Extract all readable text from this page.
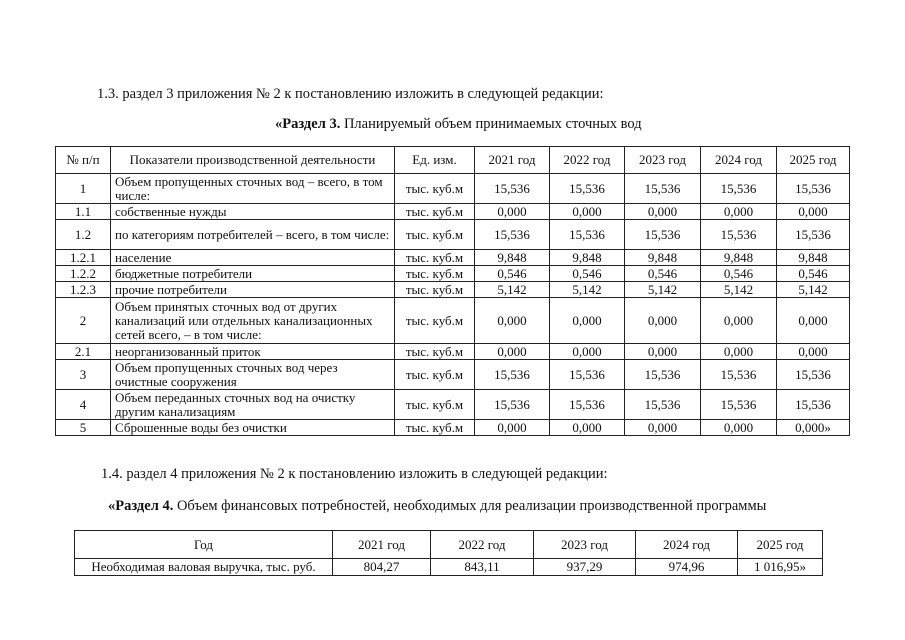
1.3. раздел 3 приложения № 2 к постановлению изложить в следующей редакции:

«Раздел 3. Планируемый объем принимаемых сточных вод

№ п/п	Показатели производственной деятельности	Ед. изм.	2021 год	2022 год	2023 год	2024 год	2025 год
1	Объем пропущенных сточных вод – всего, в том числе:	тыс. куб.м	15,536	15,536	15,536	15,536	15,536
1.1	собственные нужды	тыс. куб.м	0,000	0,000	0,000	0,000	0,000
1.2	по категориям потребителей – всего, в том числе:	тыс. куб.м	15,536	15,536	15,536	15,536	15,536
1.2.1	население	тыс. куб.м	9,848	9,848	9,848	9,848	9,848
1.2.2	бюджетные потребители	тыс. куб.м	0,546	0,546	0,546	0,546	0,546
1.2.3	прочие потребители	тыс. куб.м	5,142	5,142	5,142	5,142	5,142
2	Объем принятых сточных вод от других канализаций или отдельных канализационных сетей всего, – в том числе:	тыс. куб.м	0,000	0,000	0,000	0,000	0,000
2.1	неорганизованный приток	тыс. куб.м	0,000	0,000	0,000	0,000	0,000
3	Объем пропущенных сточных вод через очистные сооружения	тыс. куб.м	15,536	15,536	15,536	15,536	15,536
4	Объем переданных сточных вод на очистку другим канализациям	тыс. куб.м	15,536	15,536	15,536	15,536	15,536
5	Сброшенные воды без очистки	тыс. куб.м	0,000	0,000	0,000	0,000	0,000»

1.4. раздел 4 приложения № 2 к постановлению изложить в следующей редакции:

«Раздел 4. Объем финансовых потребностей, необходимых для реализации производственной программы

Год	2021 год	2022 год	2023 год	2024 год	2025 год
Необходимая валовая выручка, тыс. руб.	804,27	843,11	937,29	974,96	1 016,95»
